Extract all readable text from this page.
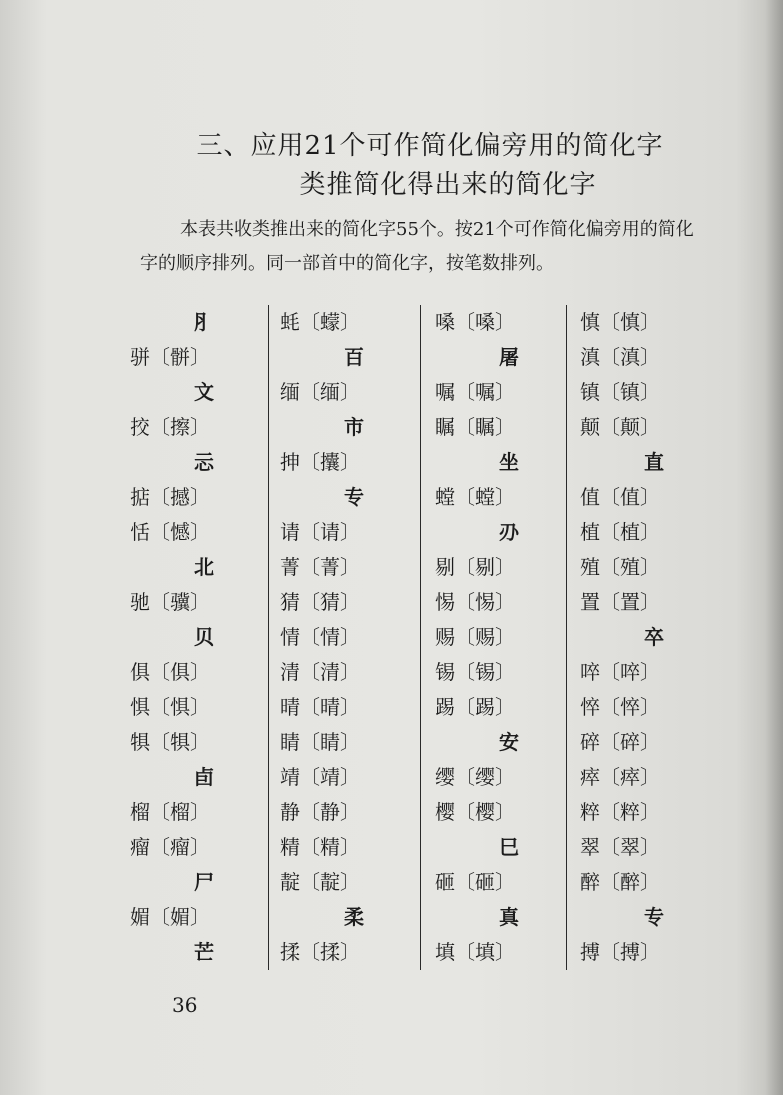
三、应用21个可作简化偏旁用的简化字
类推简化得出来的简化字
本表共收类推出来的简化字55个。按21个可作简化偏旁用的简化字的顺序排列。同一部首中的简化字，按笔数排列。
⺼
骈〔骿〕
文
挍〔擦〕
忈
掂〔撼〕
恬〔憾〕
北
驰〔骥〕
贝
俱〔俱〕
惧〔惧〕
犋〔犋〕
卣
榴〔榴〕
瘤〔瘤〕
尸
媚〔媚〕
芒
蚝〔蠓〕
百
缅〔缅〕
市
抻〔攮〕
专
请〔请〕
菁〔菁〕
猜〔猜〕
情〔情〕
清〔清〕
晴〔晴〕
睛〔睛〕
靖〔靖〕
静〔静〕
精〔精〕
靛〔靛〕
柔
揉〔揉〕
嗓〔嗓〕
屠
嘱〔嘱〕
瞩〔瞩〕
坐
螳〔螳〕
刅
剔〔剔〕
惕〔惕〕
赐〔赐〕
锡〔锡〕
踢〔踢〕
安
缨〔缨〕
樱〔樱〕
巳
砸〔砸〕
真
填〔填〕
慎〔慎〕
滇〔滇〕
镇〔镇〕
颠〔颠〕
直
值〔值〕
植〔植〕
殖〔殖〕
置〔置〕
卒
啐〔啐〕
悴〔悴〕
碎〔碎〕
瘁〔瘁〕
粹〔粹〕
翠〔翠〕
醉〔醉〕
专
搏〔搏〕
36
